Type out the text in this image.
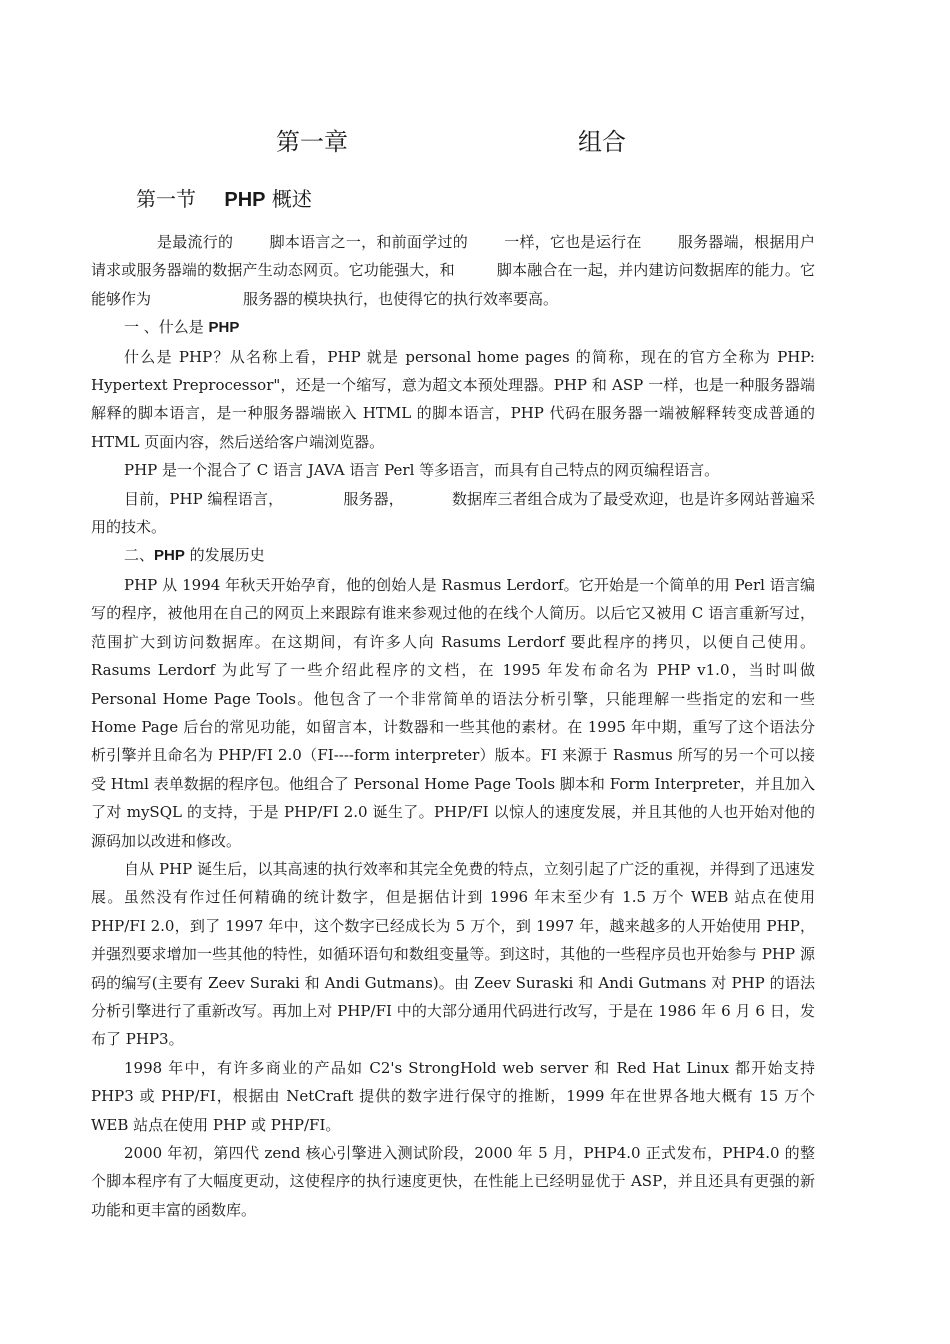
第一章	组合
第一节 PHP 概述

是最流行的 脚本语言之一，和前面学过的 一样，它也是运行在 服务器端，根据用户请求或服务器端的数据产生动态网页。它功能强大，和	脚本融合在一起，并内建访问数据库的能力。它能够作为	服务器的模块执行，也使得它的执行效率要高。

一 、什么是 PHP

什么是 PHP？从名称上看，PHP 就是 personal home pages 的简称，现在的官方全称为 PHP: Hypertext Preprocessor"，还是一个缩写，意为超文本预处理器。PHP 和 ASP 一样，也是一种服务器端解释的脚本语言，是一种服务器端嵌入 HTML 的脚本语言，PHP 代码在服务器一端被解释转变成普通的 HTML 页面内容，然后送给客户端浏览器。

PHP 是一个混合了 C 语言 JAVA 语言 Perl 等多语言，而具有自己特点的网页编程语言。

目前，PHP 编程语言，	服务器，	数据库三者组合成为了最受欢迎，也是许多网站普遍采用的技术。

二、PHP 的发展历史

PHP 从 1994 年秋天开始孕育，他的创始人是 Rasmus Lerdorf。它开始是一个简单的用 Perl 语言编写的程序，被他用在自己的网页上来跟踪有谁来参观过他的在线个人简历。以后它又被用 C 语言重新写过，范围扩大到访问数据库。在这期间，有许多人向 Rasums Lerdorf 要此程序的拷贝，以便自己使用。Rasums Lerdorf 为此写了一些介绍此程序的文档，在 1995 年发布命名为 PHP v1.0，当时叫做 Personal Home Page Tools。他包含了一个非常简单的语法分析引擎，只能理解一些指定的宏和一些 Home Page 后台的常见功能，如留言本，计数器和一些其他的素材。在 1995 年中期，重写了这个语法分析引擎并且命名为 PHP/FI 2.0（FI----form interpreter）版本。FI 来源于 Rasmus 所写的另一个可以接受 Html 表单数据的程序包。他组合了 Personal Home Page Tools 脚本和 Form Interpreter，并且加入了对 mySQL 的支持，于是 PHP/FI 2.0 诞生了。PHP/FI 以惊人的速度发展，并且其他的人也开始对他的源码加以改进和修改。

自从 PHP 诞生后，以其高速的执行效率和其完全免费的特点，立刻引起了广泛的重视，并得到了迅速发展。虽然没有作过任何精确的统计数字，但是据估计到 1996 年末至少有 1.5 万个 WEB 站点在使用 PHP/FI 2.0，到了 1997 年中，这个数字已经成长为 5 万个，到 1997 年，越来越多的人开始使用 PHP，并强烈要求增加一些其他的特性，如循环语句和数组变量等。到这时，其他的一些程序员也开始参与 PHP 源码的编写(主要有 Zeev Suraki 和 Andi Gutmans)。由 Zeev Suraski 和 Andi Gutmans 对 PHP 的语法分析引擎进行了重新改写。再加上对 PHP/FI 中的大部分通用代码进行改写，于是在 1986 年 6 月 6 日，发布了 PHP3。

1998 年中，有许多商业的产品如 C2's StrongHold web server 和 Red Hat Linux 都开始支持 PHP3 或 PHP/FI，根据由 NetCraft 提供的数字进行保守的推断，1999 年在世界各地大概有 15 万个 WEB 站点在使用 PHP 或 PHP/FI。

2000 年初，第四代 zend 核心引擎进入测试阶段，2000 年 5 月，PHP4.0 正式发布，PHP4.0 的整个脚本程序有了大幅度更动，这使程序的执行速度更快，在性能上已经明显优于 ASP，并且还具有更强的新功能和更丰富的函数库。
